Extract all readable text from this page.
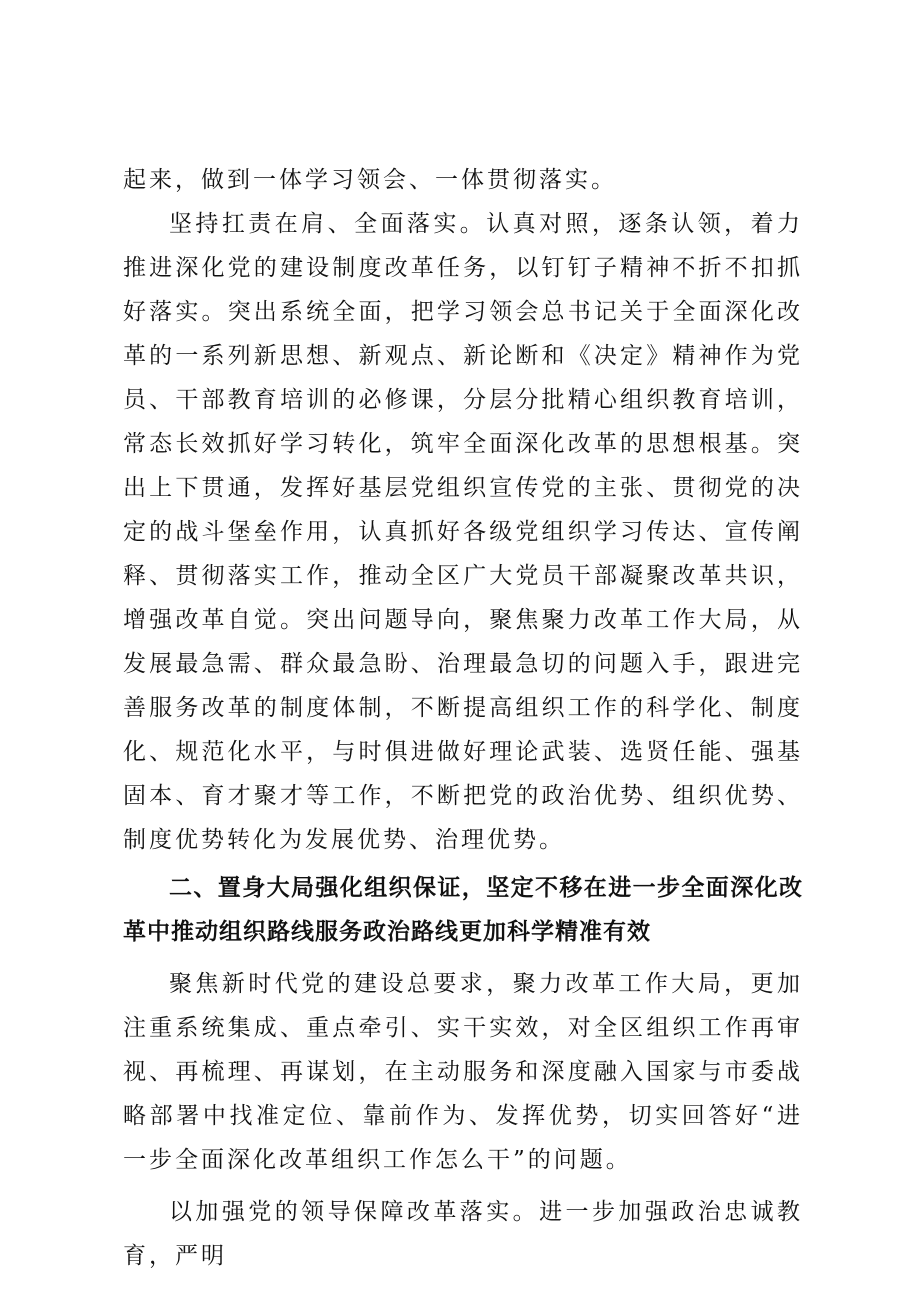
起来，做到一体学习领会、一体贯彻落实。

坚持扛责在肩、全面落实。认真对照，逐条认领，着力推进深化党的建设制度改革任务，以钉钉子精神不折不扣抓好落实。突出系统全面，把学习领会总书记关于全面深化改革的一系列新思想、新观点、新论断和《决定》精神作为党员、干部教育培训的必修课，分层分批精心组织教育培训，常态长效抓好学习转化，筑牢全面深化改革的思想根基。突出上下贯通，发挥好基层党组织宣传党的主张、贯彻党的决定的战斗堡垒作用，认真抓好各级党组织学习传达、宣传阐释、贯彻落实工作，推动全区广大党员干部凝聚改革共识，增强改革自觉。突出问题导向，聚焦聚力改革工作大局，从发展最急需、群众最急盼、治理最急切的问题入手，跟进完善服务改革的制度体制，不断提高组织工作的科学化、制度化、规范化水平，与时俱进做好理论武装、选贤任能、强基固本、育才聚才等工作，不断把党的政治优势、组织优势、制度优势转化为发展优势、治理优势。

二、置身大局强化组织保证，坚定不移在进一步全面深化改革中推动组织路线服务政治路线更加科学精准有效

聚焦新时代党的建设总要求，聚力改革工作大局，更加注重系统集成、重点牵引、实干实效，对全区组织工作再审视、再梳理、再谋划，在主动服务和深度融入国家与市委战略部署中找准定位、靠前作为、发挥优势，切实回答好“进一步全面深化改革组织工作怎么干”的问题。

以加强党的领导保障改革落实。进一步加强政治忠诚教育，严明
